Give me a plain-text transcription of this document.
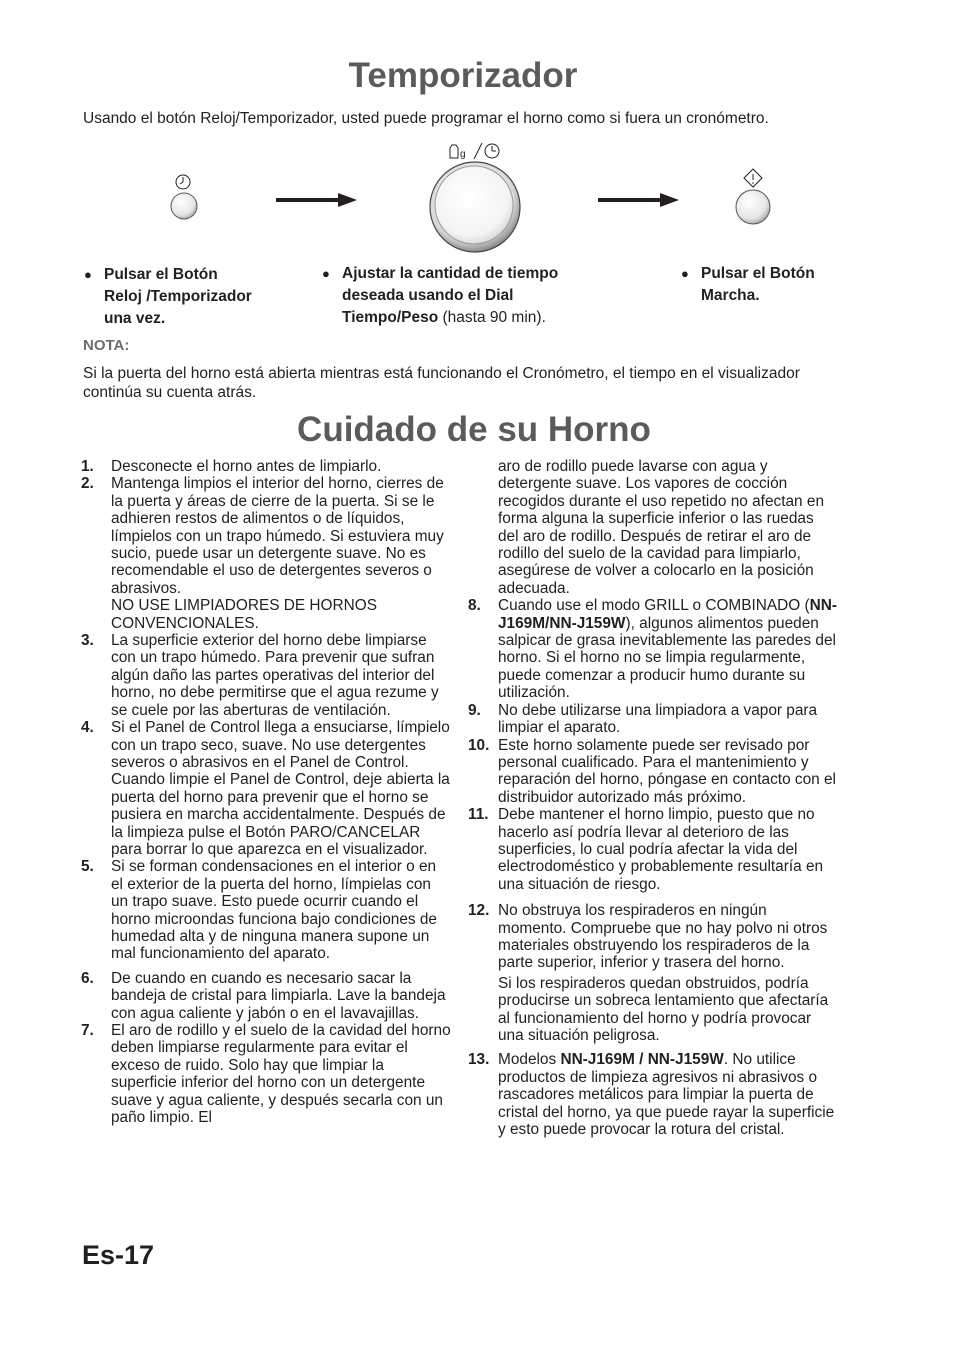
Temporizador
Usando el botón Reloj/Temporizador, usted puede programar el horno como si fuera un cronómetro.
g
● Pulsar el Botón
Reloj /Temporizador
una vez.
● Ajustar la cantidad de tiempo
deseada usando el Dial
Tiempo/Peso (hasta 90 min).
● Pulsar el Botón
Marcha.
NOTA:
Si la puerta del horno está abierta mientras está funcionando el Cronómetro, el tiempo en el visualizador continúa su cuenta atrás.
Cuidado de su Horno
1. Desconecte el horno antes de limpiarlo.

2. Mantenga limpios el interior del horno, cierres de la puerta y áreas de cierre de la puerta. Si se le adhieren restos de alimentos o de líquidos, límpielos con un trapo húmedo. Si estuviera muy sucio, puede usar un detergente suave. No es recomendable el uso de detergentes severos o abrasivos.

NO USE LIMPIADORES DE HORNOS CONVENCIONALES.

3. La superficie exterior del horno debe limpiarse con un trapo húmedo. Para prevenir que sufran algún daño las partes operativas del interior del horno, no debe permitirse que el agua rezume y se cuele por las aberturas de ventilación.

4. Si el Panel de Control llega a ensuciarse, límpielo con un trapo seco, suave. No use detergentes severos o abrasivos en el Panel de Control. Cuando limpie el Panel de Control, deje abierta la puerta del horno para prevenir que el horno se pusiera en marcha accidentalmente. Después de la limpieza pulse el Botón PARO/CANCELAR para borrar lo que aparezca en el visualizador.

5. Si se forman condensaciones en el interior o en el exterior de la puerta del horno, límpielas con un trapo suave. Esto puede ocurrir cuando el horno microondas funciona bajo condiciones de humedad alta y de ninguna manera supone un mal funcionamiento del aparato.

6. De cuando en cuando es necesario sacar la bandeja de cristal para limpiarla. Lave la bandeja con agua caliente y jabón o en el lavavajillas.

7. El aro de rodillo y el suelo de la cavidad del horno deben limpiarse regularmente para evitar el exceso de ruido. Solo hay que limpiar la superficie inferior del horno con un detergente suave y agua caliente, y después secarla con un paño limpio. El

aro de rodillo puede lavarse con agua y detergente suave. Los vapores de cocción recogidos durante el uso repetido no afectan en forma alguna la superficie inferior o las ruedas del aro de rodillo. Después de retirar el aro de rodillo del suelo de la cavidad para limpiarlo, asegúrese de volver a colocarlo en la posición adecuada.

8. Cuando use el modo GRILL o COMBINADO (NN-J169M/NN-J159W), algunos alimentos pueden salpicar de grasa inevitablemente las paredes del horno. Si el horno no se limpia regularmente, puede comenzar a producir humo durante su utilización.

9. No debe utilizarse una limpiadora a vapor para limpiar el aparato.

10. Este horno solamente puede ser revisado por personal cualificado. Para el mantenimiento y reparación del horno, póngase en contacto con el distribuidor autorizado más próximo.

11. Debe mantener el horno limpio, puesto que no hacerlo así podría llevar al deterioro de las superficies, lo cual podría afectar la vida del electrodoméstico y probablemente resultaría en una situación de riesgo.

12. No obstruya los respiraderos en ningún momento. Compruebe que no hay polvo ni otros materiales obstruyendo los respiraderos de la parte superior, inferior y trasera del horno.

Si los respiraderos quedan obstruidos, podría producirse un sobreca lentamiento que afectaría al funcionamiento del horno y podría provocar una situación peligrosa.

13. Modelos NN-J169M / NN-J159W. No utilice productos de limpieza agresivos ni abrasivos o rascadores metálicos para limpiar la puerta de cristal del horno, ya que puede rayar la superficie y esto puede provocar la rotura del cristal.

Es-17
